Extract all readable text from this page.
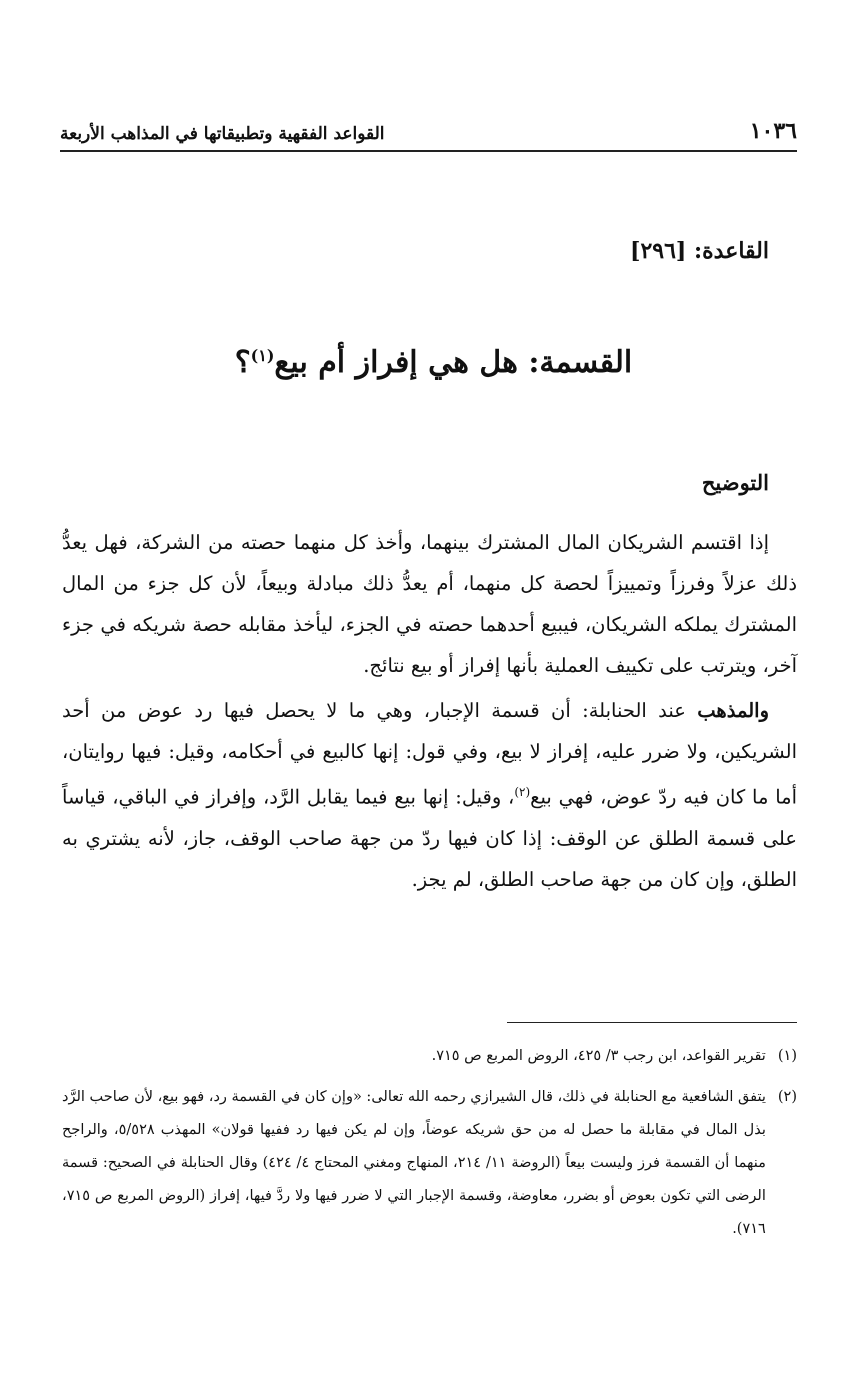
١٠٣٦
القواعد الفقهية وتطبيقاتها في المذاهب الأربعة
القاعدة: [٢٩٦]
القسمة: هل هي إفراز أم بيع$^{(١)}$؟
التوضيح

إذا اقتسم الشريكان المال المشترك بينهما، وأخذ كل منهما حصته من الشركة، فهل يعدُّ ذلك عزلاً وفرزاً وتمييزاً لحصة كل منهما، أم يعدُّ ذلك مبادلة وبيعاً، لأن كل جزء من المال المشترك يملكه الشريكان، فيبيع أحدهما حصته في الجزء، ليأخذ مقابله حصة شريكه في جزء آخر، ويترتب على تكييف العملية بأنها إفراز أو بيع نتائج.

والمذهب عند الحنابلة: أن قسمة الإجبار، وهي ما لا يحصل فيها رد عوض من أحد الشريكين، ولا ضرر عليه، إفراز لا بيع، وفي قول: إنها كالبيع في أحكامه، وقيل: فيها روايتان، أما ما كان فيه ردّ عوض، فهي بيع$^{(٢)}$، وقيل: إنها بيع فيما يقابل الرَّد، وإفراز في الباقي، قياساً على قسمة الطلق عن الوقف: إذا كان فيها ردّ من جهة صاحب الوقف، جاز، لأنه يشتري به الطلق، وإن كان من جهة صاحب الطلق، لم يجز.

(١)
تقرير القواعد، ابن رجب ٣/ ٤٢٥، الروض المربع ص ٧١٥.
(٢)
يتفق الشافعية مع الحنابلة في ذلك، قال الشيرازي رحمه الله تعالى: «وإن كان في القسمة رد، فهو بيع، لأن صاحب الرَّد بذل المال في مقابلة ما حصل له من حق شريكه عوضاً، وإن لم يكن فيها رد ففيها قولان» المهذب ٥/٥٢٨، والراجح منهما أن القسمة فرز وليست بيعاً (الروضة ١١/ ٢١٤، المنهاج ومغني المحتاج ٤/ ٤٢٤) وقال الحنابلة في الصحيح: قسمة الرضى التي تكون بعوض أو بضرر، معاوضة، وقسمة الإجبار التي لا ضرر فيها ولا ردَّ فيها، إفراز (الروض المربع ص ٧١٥، ٧١٦).
